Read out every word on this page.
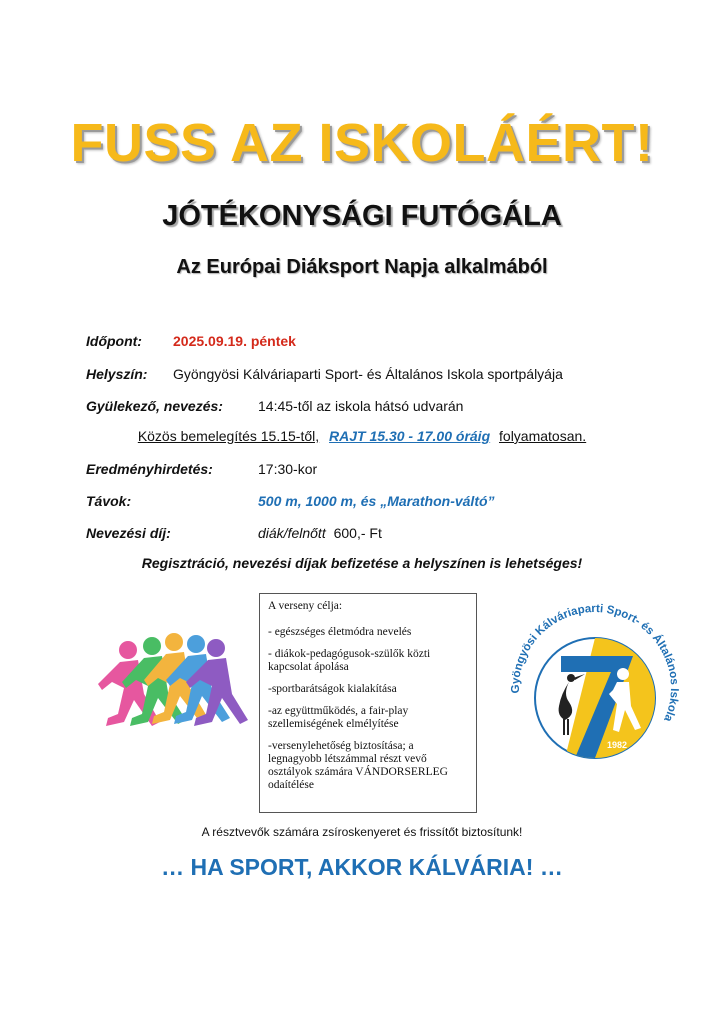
FUSS AZ ISKOLÁÉRT!
JÓTÉKONYSÁGI FUTÓGÁLA
Az Európai Diáksport Napja alkalmából
Időpont: 2025.09.19. péntek
Helyszín: Gyöngyösi Kálváriaparti Sport- és Általános Iskola sportpályája
Gyülekező, nevezés:	14:45-től az iskola hátsó udvarán
Közös bemelegítés 15.15-től, RAJT 15.30 - 17.00 óráig folyamatosan.
Eredményhirdetés:	17:30-kor
Távok:	500 m, 1000 m, és „Marathon-váltó”
Nevezési díj:	diák/felnőtt 600,- Ft
Regisztráció, nevezési díjak befizetése a helyszínen is lehetséges!

A verseny célja:

- egészséges életmódra nevelés

- diákok-pedagógusok-szülők közti kapcsolat ápolása

-sportbarátságok kialakítása

-az együttműködés, a fair-play szellemiségének elmélyítése

-versenylehetőség biztosítása; a legnagyobb létszámmal részt vevő osztályok számára VÁNDORSERLEG odaítélése

1982
Gyöngyösi Kálváriaparti Sport- és Általános Iskola
A résztvevők számára zsíroskenyeret és frissítőt biztosítunk!
… HA SPORT, AKKOR KÁLVÁRIA! …
